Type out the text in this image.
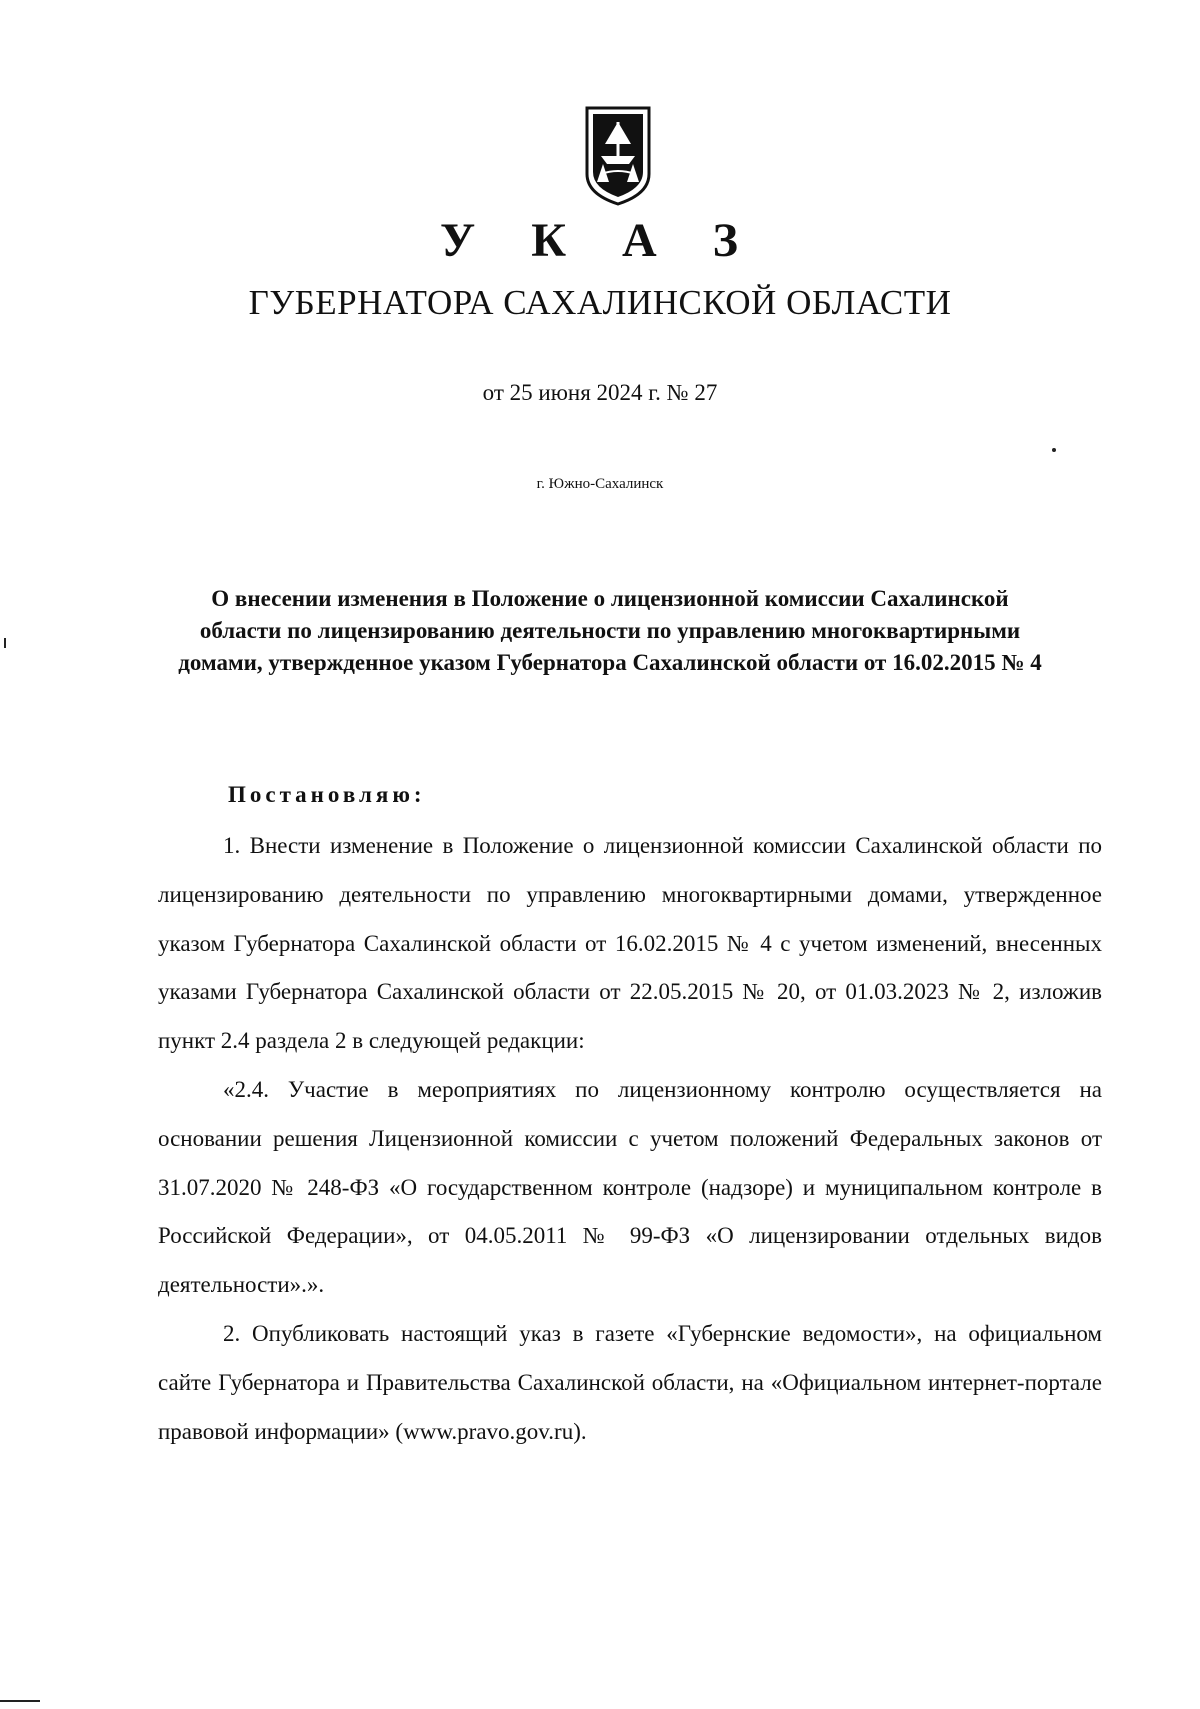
У К А З
ГУБЕРНАТОРА САХАЛИНСКОЙ ОБЛАСТИ
от 25 июня 2024 г. № 27
г. Южно-Сахалинск
О внесении изменения в Положение о лицензионной комиссии Сахалинской области по лицензированию деятельности по управлению многоквартирными домами, утвержденное указом Губернатора Сахалинской области от 16.02.2015 № 4
Постановляю:

1. Внести изменение в Положение о лицензионной комиссии Сахалинской области по лицензированию деятельности по управлению многоквартирными домами, утвержденное указом Губернатора Сахалинской области от 16.02.2015 № 4 с учетом изменений, внесенных указами Губернатора Сахалинской области от 22.05.2015 № 20, от 01.03.2023 № 2, изложив пункт 2.4 раздела 2 в следующей редакции:

«2.4. Участие в мероприятиях по лицензионному контролю осуществляется на основании решения Лицензионной комиссии с учетом положений Федеральных законов от 31.07.2020 № 248-ФЗ «О государственном контроле (надзоре) и муниципальном контроле в Российской Федерации», от 04.05.2011 № 99-ФЗ «О лицензировании отдельных видов деятельности».».

2. Опубликовать настоящий указ в газете «Губернские ведомости», на официальном сайте Губернатора и Правительства Сахалинской области, на «Официальном интернет-портале правовой информации» (www.pravo.gov.ru).
